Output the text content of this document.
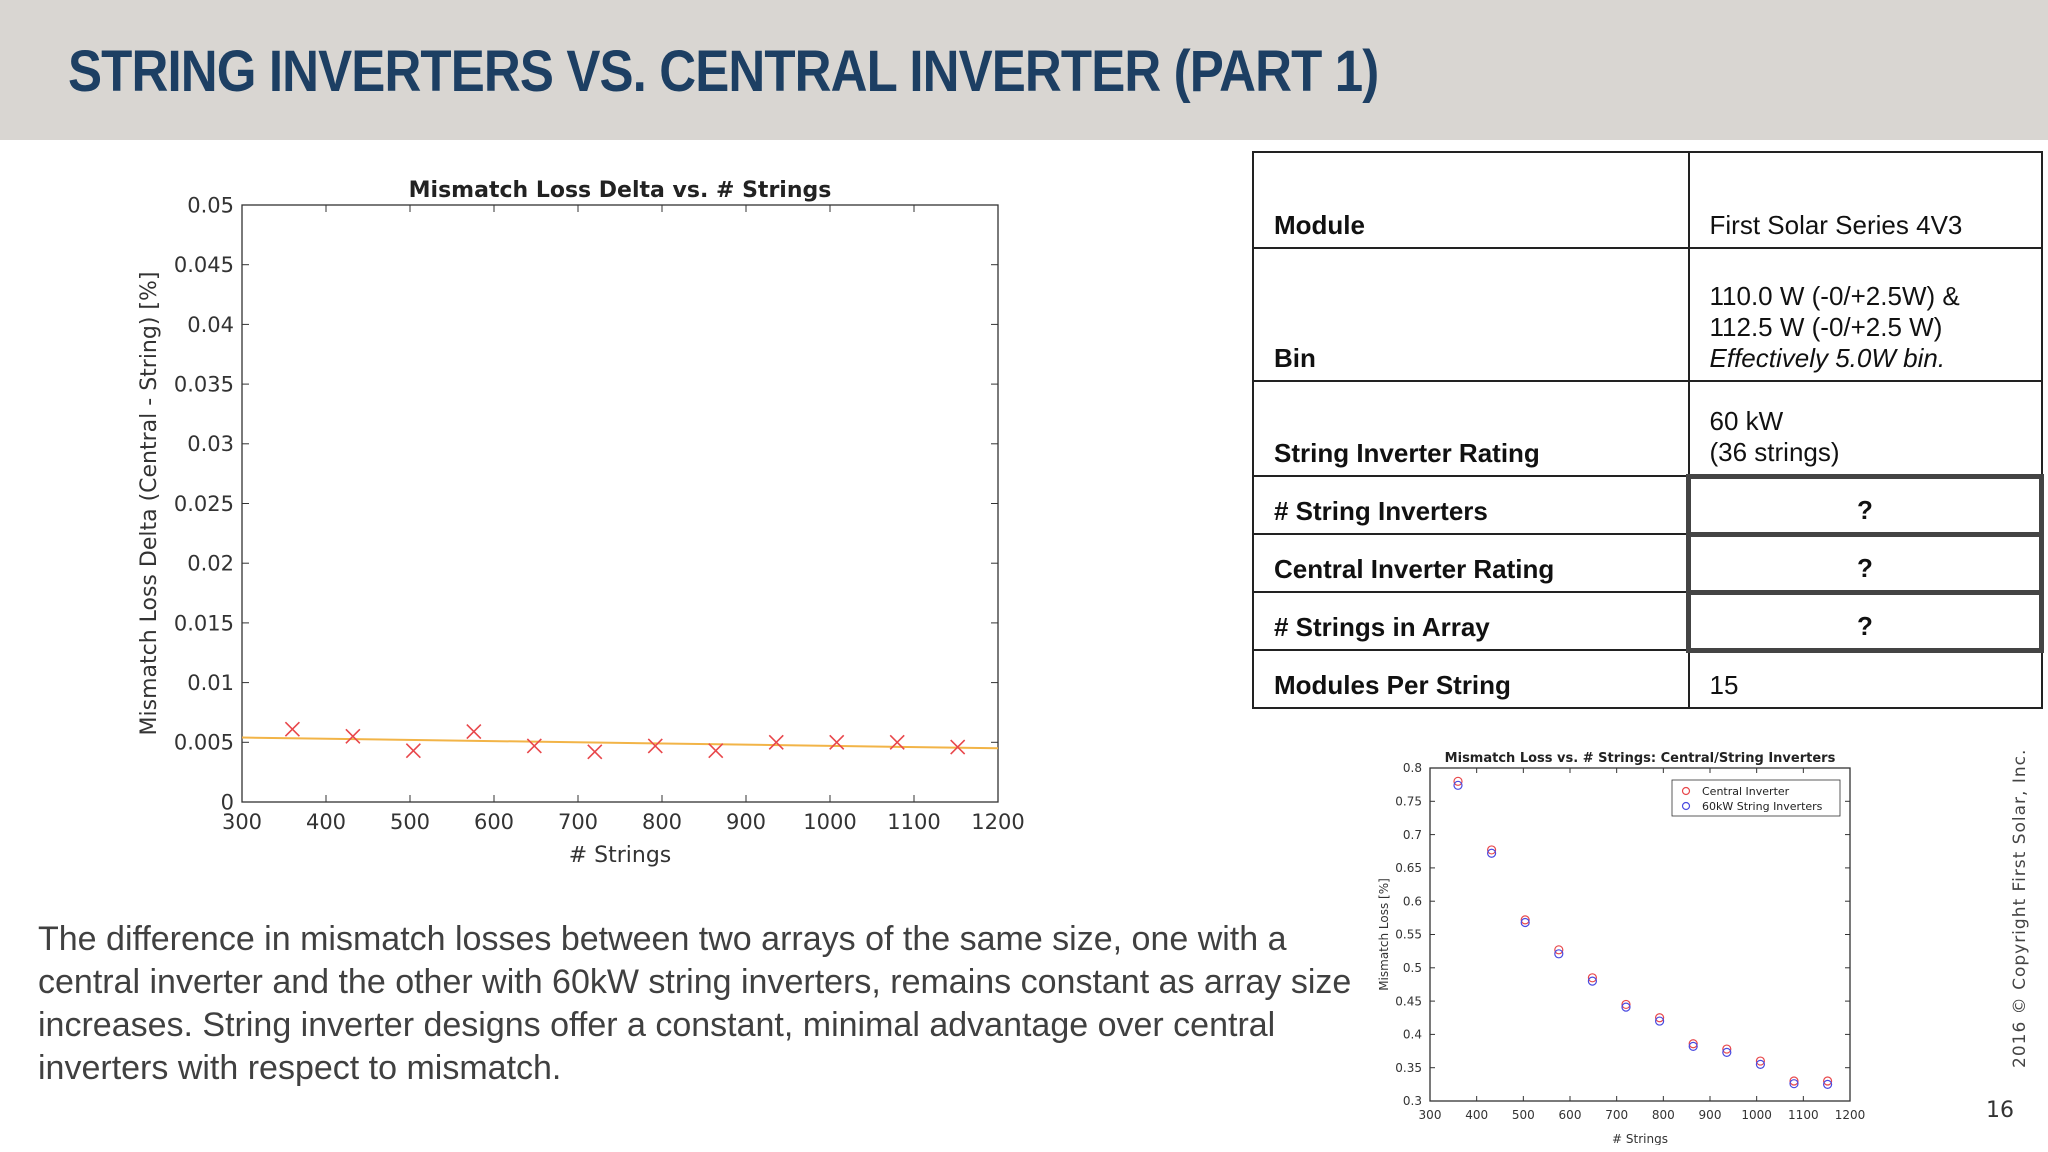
STRING INVERTERS VS. CENTRAL INVERTER (PART 1)
300 400 500 600 700 800 900 1000 1100 1200
0
0.005
0.01
0.015
0.02
0.025
0.03
0.035
0.04
0.045
0.05
Mismatch Loss Delta vs. # Strings
# Strings
Mismatch Loss Delta (Central - String) [%]
Module	First Solar Series 4V3
Bin	110.0 W (-0/+2.5W) &
112.5 W (-0/+2.5 W)
Effectively 5.0W bin.

String Inverter Rating	60 kW
(36 strings)
# String Inverters	?
Central Inverter Rating	?
# Strings in Array	?
Modules Per String	15
300 400 500 600 700 800 900 1000 1100 1200
0.3
0.35
0.4
0.45
0.5
0.55
0.6
0.65
0.7
0.75
0.8
Mismatch Loss vs. # Strings: Central/String Inverters
# Strings
Mismatch Loss [%]
Central Inverter
60kW String Inverters

The difference in mismatch losses between two arrays of the same size, one with a central inverter and the other with 60kW string inverters, remains constant as array size increases. String inverter designs offer a constant, minimal advantage over central inverters with respect to mismatch.	2016 © Copyright First Solar, Inc.
16
